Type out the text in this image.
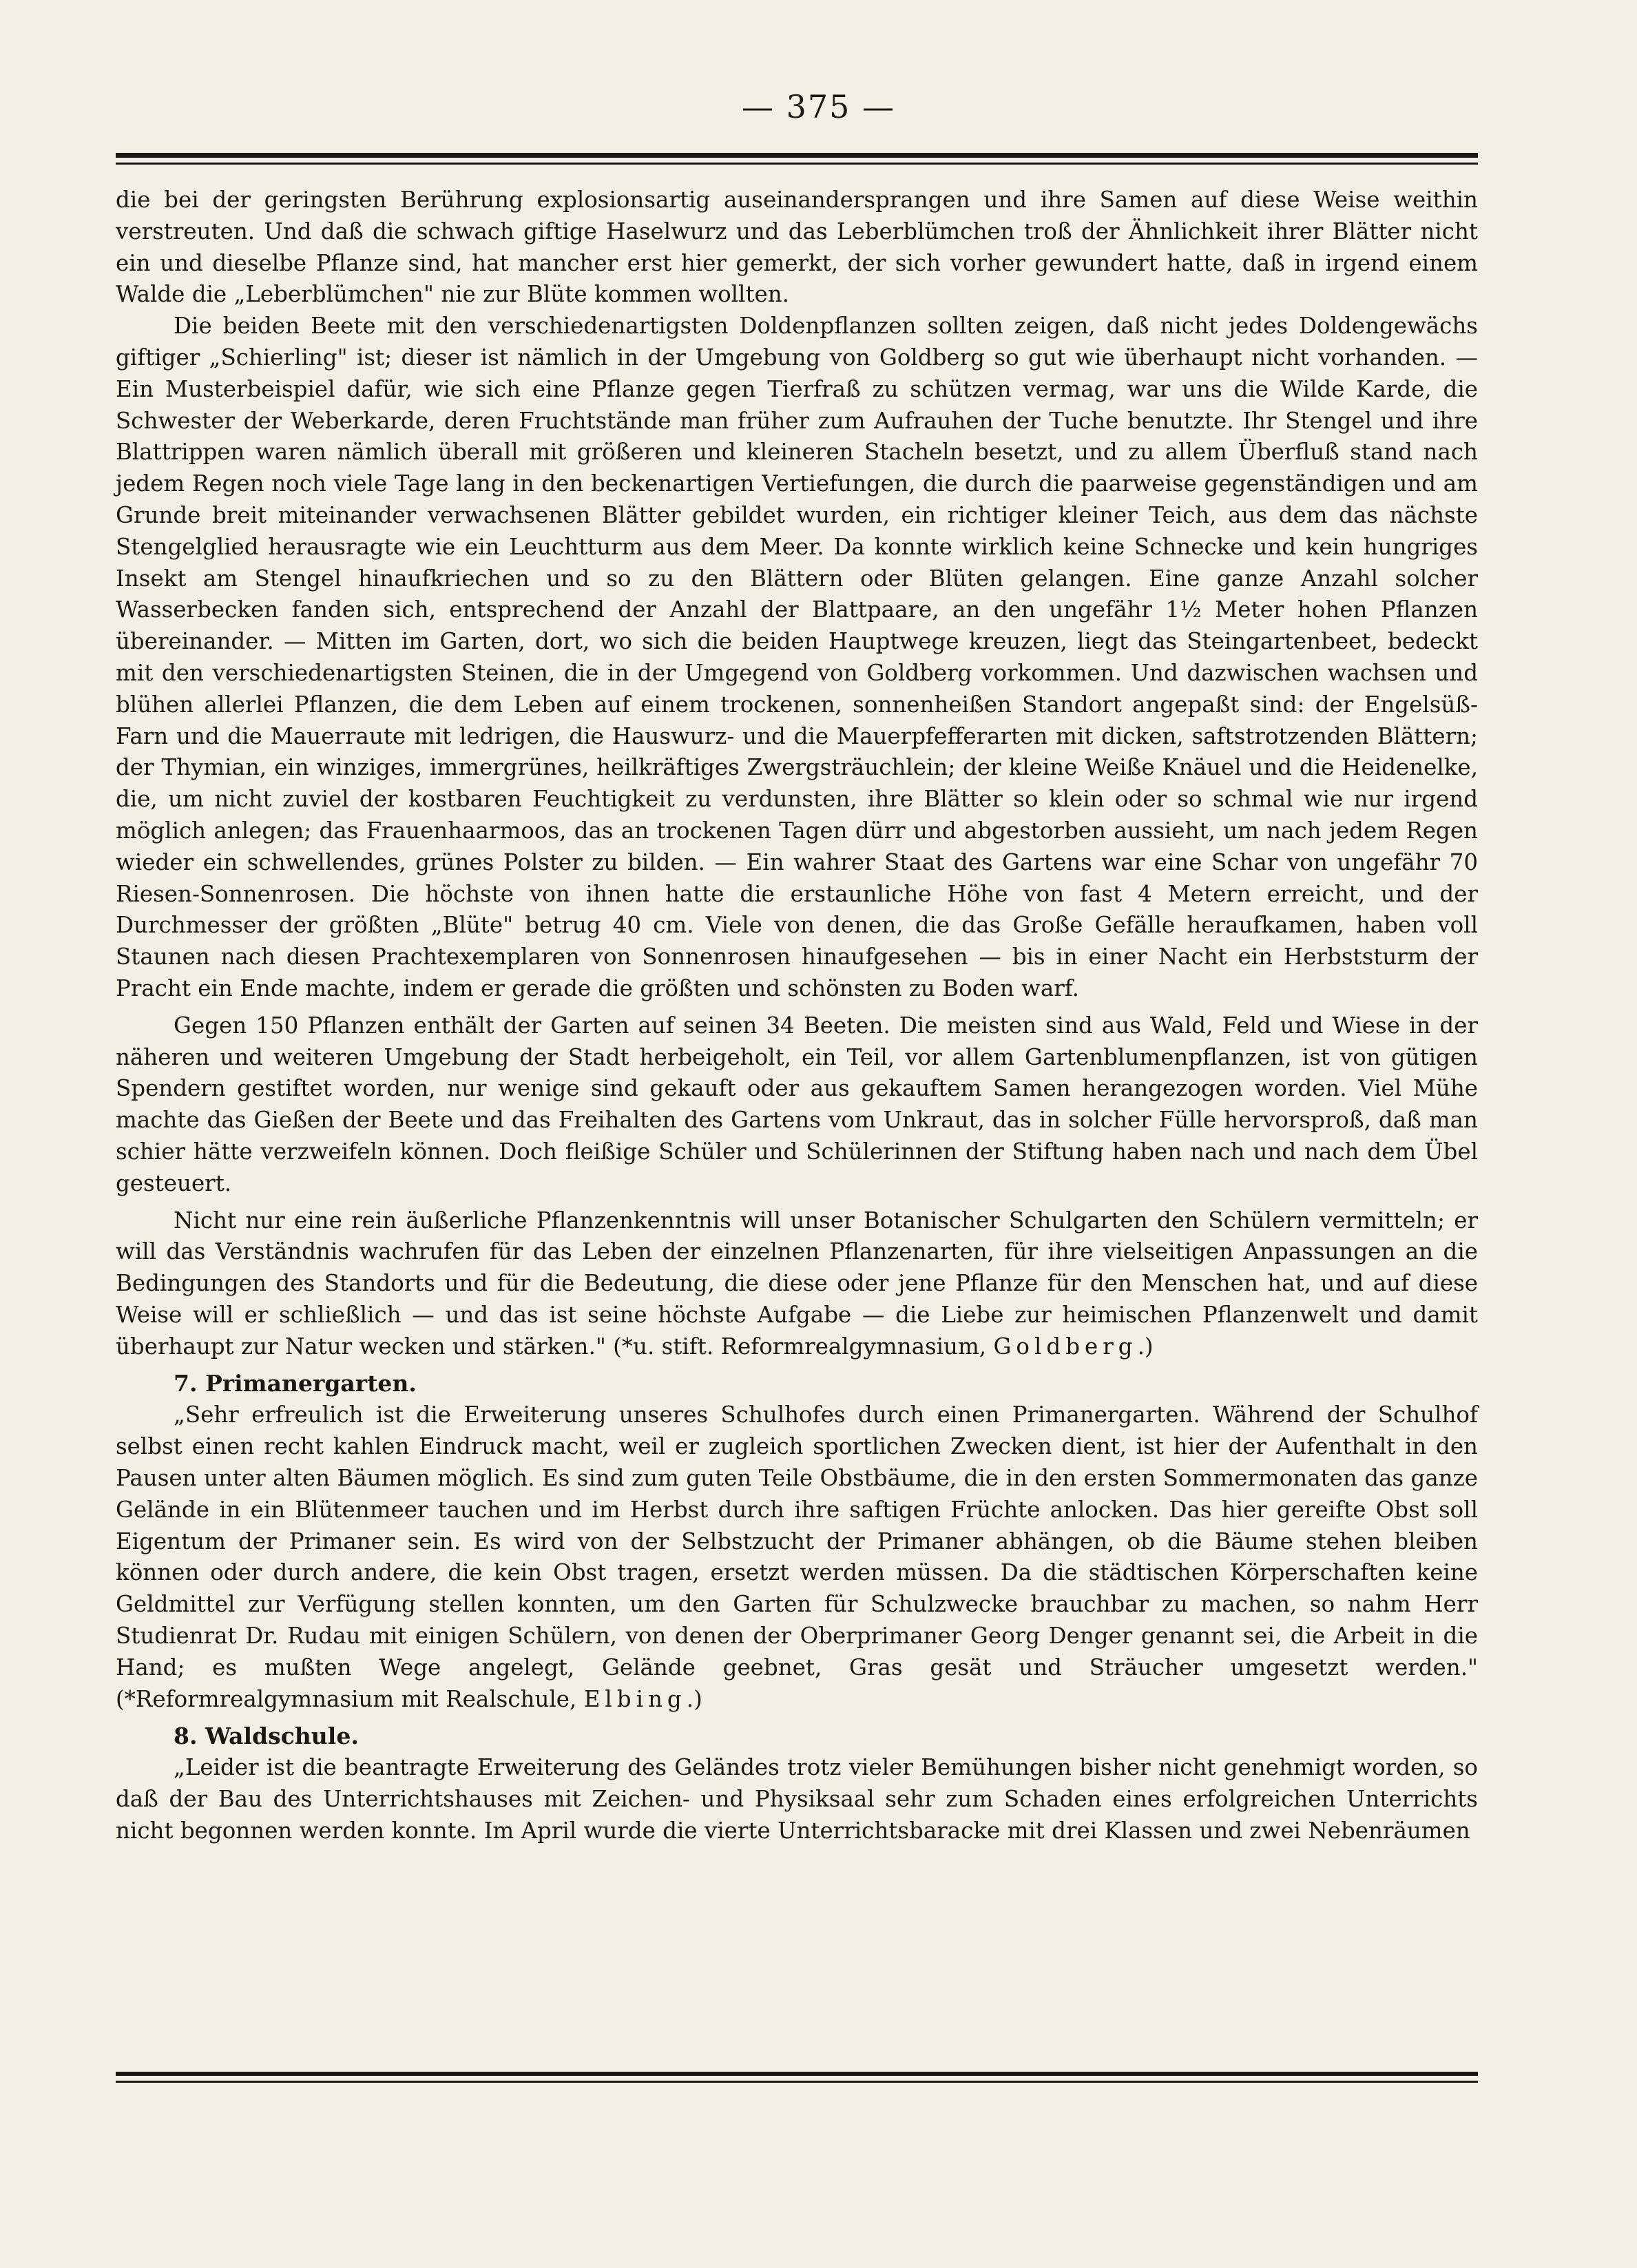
— 375 —

die bei der geringsten Berührung explosionsartig auseinandersprangen und ihre Samen auf diese Weise weithin verstreuten. Und daß die schwach giftige Haselwurz und das Leberblümchen troß der Ähnlichkeit ihrer Blätter nicht ein und dieselbe Pflanze sind, hat mancher erst hier gemerkt, der sich vorher gewundert hatte, daß in irgend einem Walde die „Leberblümchen" nie zur Blüte kommen wollten.

Die beiden Beete mit den verschiedenartigsten Doldenpflanzen sollten zeigen, daß nicht jedes Doldengewächs giftiger „Schierling" ist; dieser ist nämlich in der Umgebung von Goldberg so gut wie überhaupt nicht vorhanden. — Ein Musterbeispiel dafür, wie sich eine Pflanze gegen Tierfraß zu schützen vermag, war uns die Wilde Karde, die Schwester der Weberkarde, deren Fruchtstände man früher zum Aufrauhen der Tuche benutzte. Ihr Stengel und ihre Blattrippen waren nämlich überall mit größeren und kleineren Stacheln besetzt, und zu allem Überfluß stand nach jedem Regen noch viele Tage lang in den beckenartigen Vertiefungen, die durch die paarweise gegenständigen und am Grunde breit miteinander verwachsenen Blätter gebildet wurden, ein richtiger kleiner Teich, aus dem das nächste Stengelglied herausragte wie ein Leuchtturm aus dem Meer. Da konnte wirklich keine Schnecke und kein hungriges Insekt am Stengel hinaufkriechen und so zu den Blättern oder Blüten gelangen. Eine ganze Anzahl solcher Wasserbecken fanden sich, entsprechend der Anzahl der Blattpaare, an den ungefähr 1½ Meter hohen Pflanzen übereinander. — Mitten im Garten, dort, wo sich die beiden Hauptwege kreuzen, liegt das Steingartenbeet, bedeckt mit den verschiedenartigsten Steinen, die in der Umgegend von Goldberg vorkommen. Und dazwischen wachsen und blühen allerlei Pflanzen, die dem Leben auf einem trockenen, sonnenheißen Standort angepaßt sind: der Engelsüß-Farn und die Mauerraute mit ledrigen, die Hauswurz- und die Mauerpfefferarten mit dicken, saftstrotzenden Blättern; der Thymian, ein winziges, immergrünes, heilkräftiges Zwergsträuchlein; der kleine Weiße Knäuel und die Heidenelke, die, um nicht zuviel der kostbaren Feuchtigkeit zu verdunsten, ihre Blätter so klein oder so schmal wie nur irgend möglich anlegen; das Frauenhaarmoos, das an trockenen Tagen dürr und abgestorben aussieht, um nach jedem Regen wieder ein schwellendes, grünes Polster zu bilden. — Ein wahrer Staat des Gartens war eine Schar von ungefähr 70 Riesen-Sonnenrosen. Die höchste von ihnen hatte die erstaunliche Höhe von fast 4 Metern erreicht, und der Durchmesser der größten „Blüte" betrug 40 cm. Viele von denen, die das Große Gefälle heraufkamen, haben voll Staunen nach diesen Prachtexemplaren von Sonnenrosen hinaufgesehen — bis in einer Nacht ein Herbststurm der Pracht ein Ende machte, indem er gerade die größten und schönsten zu Boden warf.

Gegen 150 Pflanzen enthält der Garten auf seinen 34 Beeten. Die meisten sind aus Wald, Feld und Wiese in der näheren und weiteren Umgebung der Stadt herbeigeholt, ein Teil, vor allem Gartenblumenpflanzen, ist von gütigen Spendern gestiftet worden, nur wenige sind gekauft oder aus gekauftem Samen herangezogen worden. Viel Mühe machte das Gießen der Beete und das Freihalten des Gartens vom Unkraut, das in solcher Fülle hervorsproß, daß man schier hätte verzweifeln können. Doch fleißige Schüler und Schülerinnen der Stiftung haben nach und nach dem Übel gesteuert.

Nicht nur eine rein äußerliche Pflanzenkenntnis will unser Botanischer Schulgarten den Schülern vermitteln; er will das Verständnis wachrufen für das Leben der einzelnen Pflanzenarten, für ihre vielseitigen Anpassungen an die Bedingungen des Standorts und für die Bedeutung, die diese oder jene Pflanze für den Menschen hat, und auf diese Weise will er schließlich — und das ist seine höchste Aufgabe — die Liebe zur heimischen Pflanzenwelt und damit überhaupt zur Natur wecken und stärken." (*u. stift. Reformrealgymnasium, Goldberg.)

7. Primanergarten.

„Sehr erfreulich ist die Erweiterung unseres Schulhofes durch einen Primanergarten. Während der Schulhof selbst einen recht kahlen Eindruck macht, weil er zugleich sportlichen Zwecken dient, ist hier der Aufenthalt in den Pausen unter alten Bäumen möglich. Es sind zum guten Teile Obstbäume, die in den ersten Sommermonaten das ganze Gelände in ein Blütenmeer tauchen und im Herbst durch ihre saftigen Früchte anlocken. Das hier gereifte Obst soll Eigentum der Primaner sein. Es wird von der Selbstzucht der Primaner abhängen, ob die Bäume stehen bleiben können oder durch andere, die kein Obst tragen, ersetzt werden müssen. Da die städtischen Körperschaften keine Geldmittel zur Verfügung stellen konnten, um den Garten für Schulzwecke brauchbar zu machen, so nahm Herr Studienrat Dr. Rudau mit einigen Schülern, von denen der Oberprimaner Georg Denger genannt sei, die Arbeit in die Hand; es mußten Wege angelegt, Gelände geebnet, Gras gesät und Sträucher umgesetzt werden." (*Reformrealgymnasium mit Realschule, Elbing.)

8. Waldschule.

„Leider ist die beantragte Erweiterung des Geländes trotz vieler Bemühungen bisher nicht genehmigt worden, so daß der Bau des Unterrichtshauses mit Zeichen- und Physiksaal sehr zum Schaden eines erfolgreichen Unterrichts nicht begonnen werden konnte. Im April wurde die vierte Unterrichtsbaracke mit drei Klassen und zwei Nebenräumen
